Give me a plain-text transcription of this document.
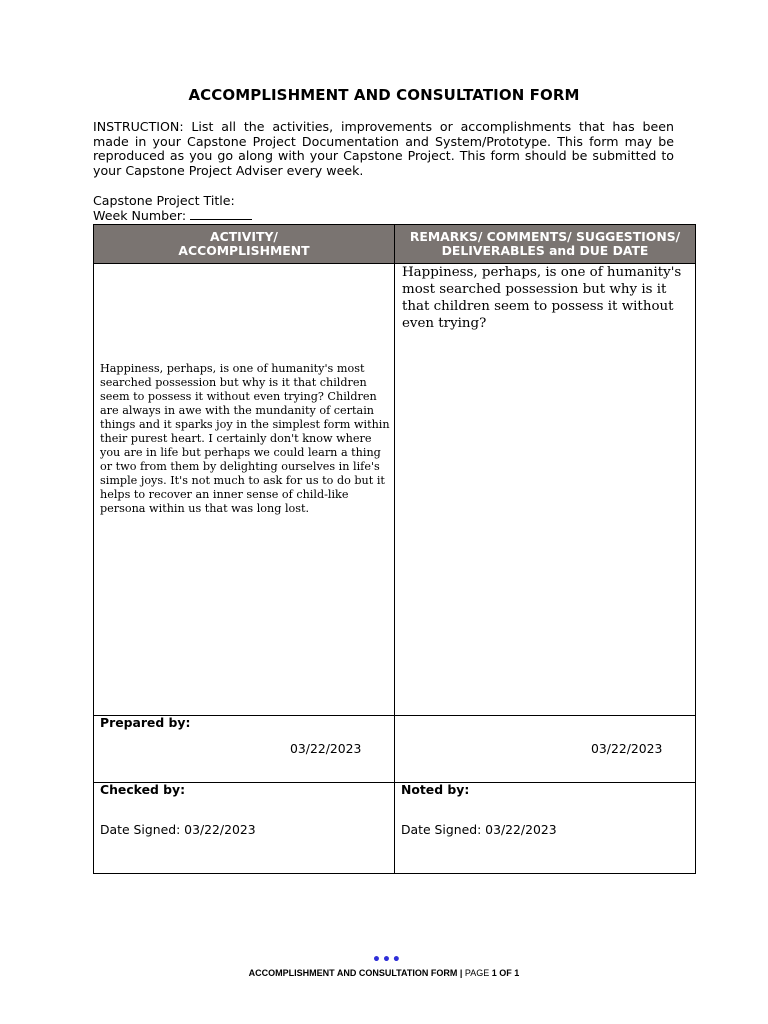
ACCOMPLISHMENT AND CONSULTATION FORM
INSTRUCTION: List all the activities, improvements or accomplishments that has been made in your Capstone Project Documentation and System/Prototype. This form may be reproduced as you go along with your Capstone Project. This form should be submitted to your Capstone Project Adviser every week.
Capstone Project Title:
Week Number:
ACTIVITY/
ACCOMPLISHMENT
REMARKS/ COMMENTS/ SUGGESTIONS/
DELIVERABLES and DUE DATE
Happiness, perhaps, is one of humanity's most searched possession but why is it that children seem to possess it without even trying? Children are always in awe with the mundanity of certain things and it sparks joy in the simplest form within their purest heart. I certainly don't know where you are in life but perhaps we could learn a thing or two from them by delighting ourselves in life's simple joys. It's not much to ask for us to do but it helps to recover an inner sense of child-like persona within us that was long lost.
Happiness, perhaps, is one of humanity's most searched possession but why is it that children seem to possess it without even trying?
Prepared by:
03/22/2023	03/22/2023
Checked by:
Date Signed: 03/22/2023
Noted by:
Date Signed: 03/22/2023
•••
ACCOMPLISHMENT AND CONSULTATION FORM | PAGE 1 OF 1
